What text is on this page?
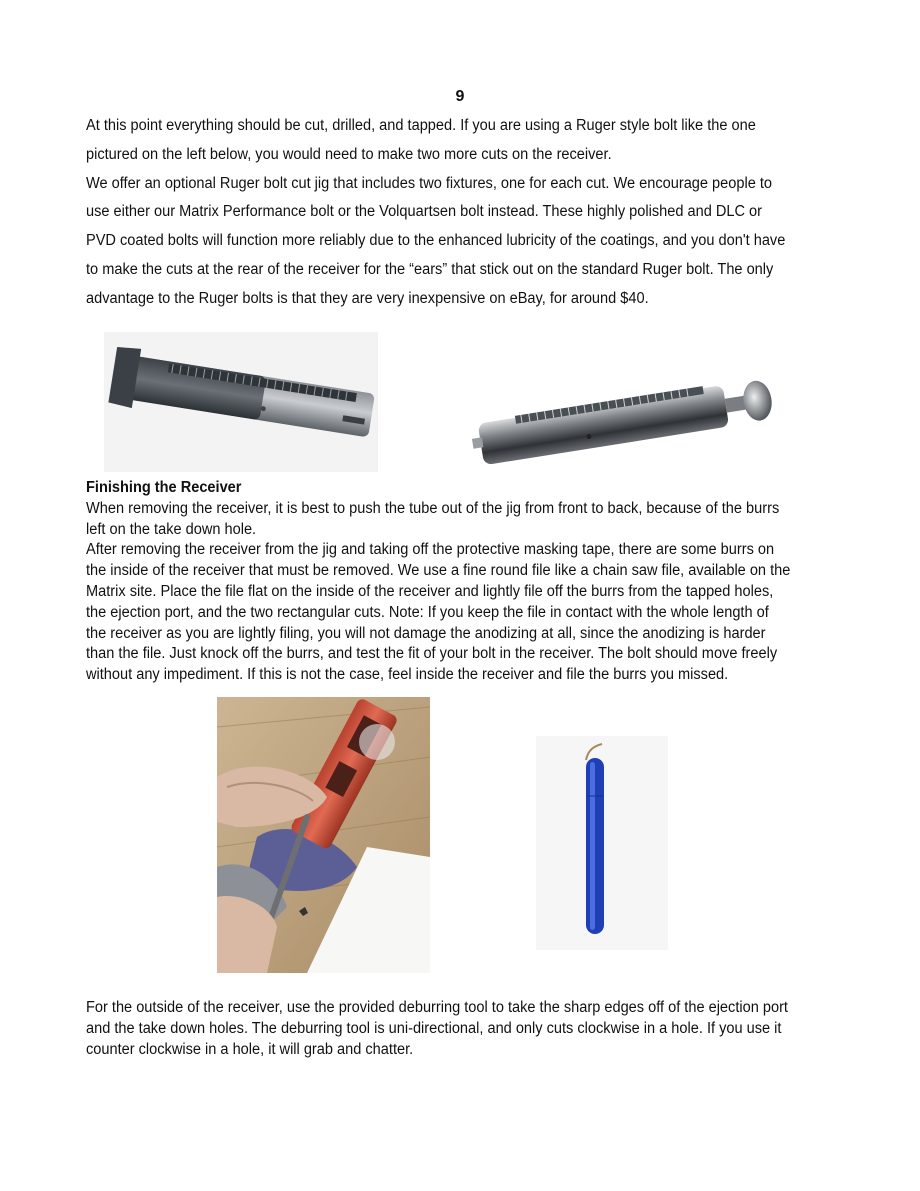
9

At this point everything should be cut, drilled, and tapped. If you are using a Ruger style bolt like the one pictured on the left below, you would need to make two more cuts on the receiver.

We offer an optional Ruger bolt cut jig that includes two fixtures, one for each cut. We encourage people to use either our Matrix Performance bolt or the Volquartsen bolt instead. These highly polished and DLC or PVD coated bolts will function more reliably due to the enhanced lubricity of the coatings, and you don't have to make the cuts at the rear of the receiver for the “ears” that stick out on the standard Ruger bolt. The only advantage to the Ruger bolts is that they are very inexpensive on eBay, for around $40.

Finishing the Receiver

When removing the receiver, it is best to push the tube out of the jig from front to back, because of the burrs left on the take down hole.

After removing the receiver from the jig and taking off the protective masking tape, there are some burrs on the inside of the receiver that must be removed. We use a fine round file like a chain saw file, available on the Matrix site. Place the file flat on the inside of the receiver and lightly file off the burrs from the tapped holes, the ejection port, and the two rectangular cuts. Note: If you keep the file in contact with the whole length of the receiver as you are lightly filing, you will not damage the anodizing at all, since the anodizing is harder than the file. Just knock off the burrs, and test the fit of your bolt in the receiver. The bolt should move freely without any impediment. If this is not the case, feel inside the receiver and file the burrs you missed.

For the outside of the receiver, use the provided deburring tool to take the sharp edges off of the ejection port and the take down holes. The deburring tool is uni-directional, and only cuts clockwise in a hole. If you use it counter clockwise in a hole, it will grab and chatter.
